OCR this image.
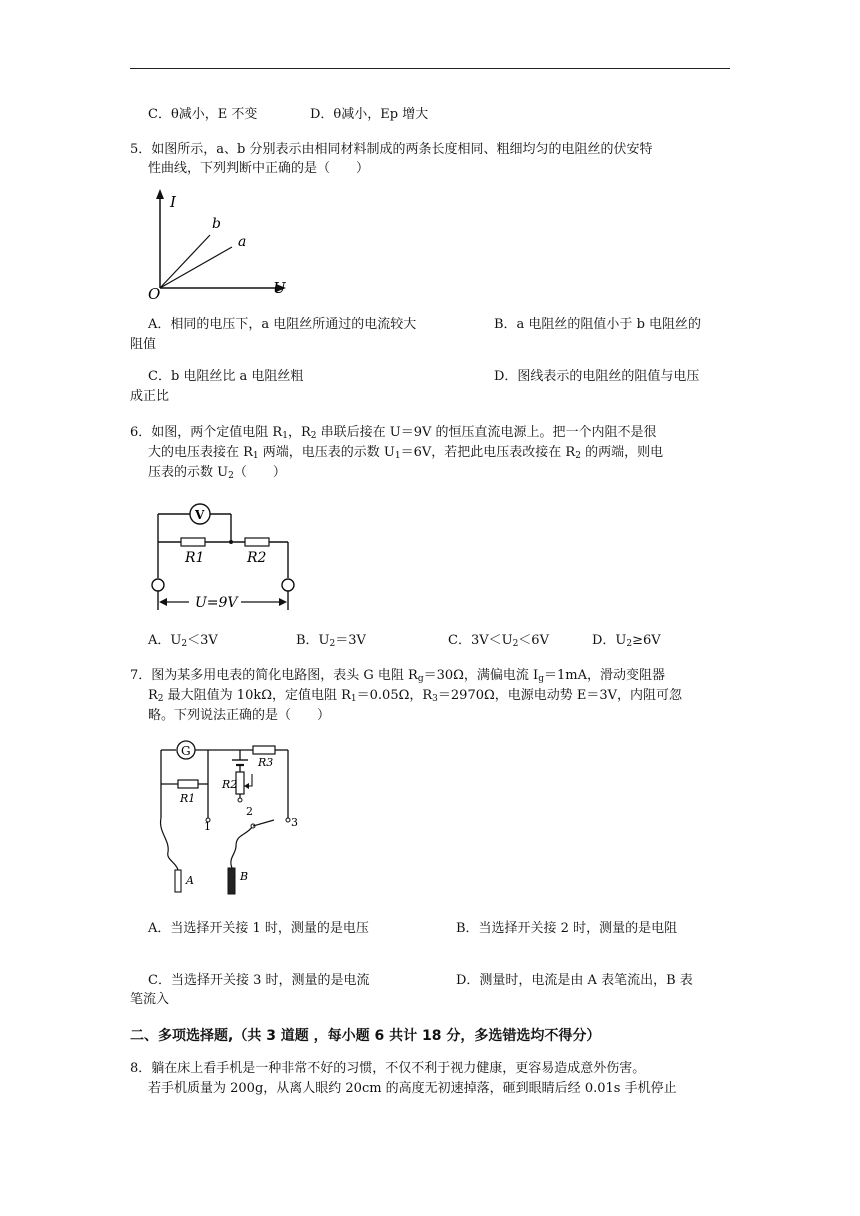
C．θ减小，E 不变	D．θ减小，Ep 增大
5．如图所示，a、b 分别表示由相同材料制成的两条长度相同、粗细均匀的电阻丝的伏安特
性曲线，下列判断中正确的是（　　）
I
U
O
b
a
A．相同的电压下，a 电阻丝所通过的电流较大	B．a 电阻丝的阻值小于 b 电阻丝的
阻值
C．b 电阻丝比 a 电阻丝粗	D．图线表示的电阻丝的阻值与电压
成正比
6．如图，两个定值电阻 $R_1$，$R_2$ 串联后接在 U＝9V 的恒压直流电源上。把一个内阻不是很
大的电压表接在 $R_1$ 两端，电压表的示数 $U_1=6V$，若把此电压表改接在 $R_2$ 的两端，则电
压表的示数 $U_2$（　　）
V
R1	R2
U=9V
A．$U_2<3V$	B．$U_2=3V$	C．$3V<U_2<6V$	D．$U_2\ge 6V$
7．图为某多用电表的简化电路图，表头 G 电阻 $R_g=30\Omega$，满偏电流 $I_g=1mA$，滑动变阻器
$R_2$ 最大阻值为 10kΩ，定值电阻 $R_1=0.05\Omega$，$R_3=2970\Omega$，电源电动势 E＝3V，内阻可忽
略。下列说法正确的是（　　）
G
R3
R1
R2
1
2
3
A	B
A．当选择开关接 1 时，测量的是电压	B．当选择开关接 2 时，测量的是电阻
C．当选择开关接 3 时，测量的是电流	D．测量时，电流是由 A 表笔流出，B 表
笔流入
二、多项选择题,（共 3 道题 ，每小题 6 共计 18 分，多选错选均不得分）
8．躺在床上看手机是一种非常不好的习惯，不仅不利于视力健康，更容易造成意外伤害。
若手机质量为 200g，从离人眼约 20cm 的高度无初速掉落，砸到眼睛后经 0.01s 手机停止
